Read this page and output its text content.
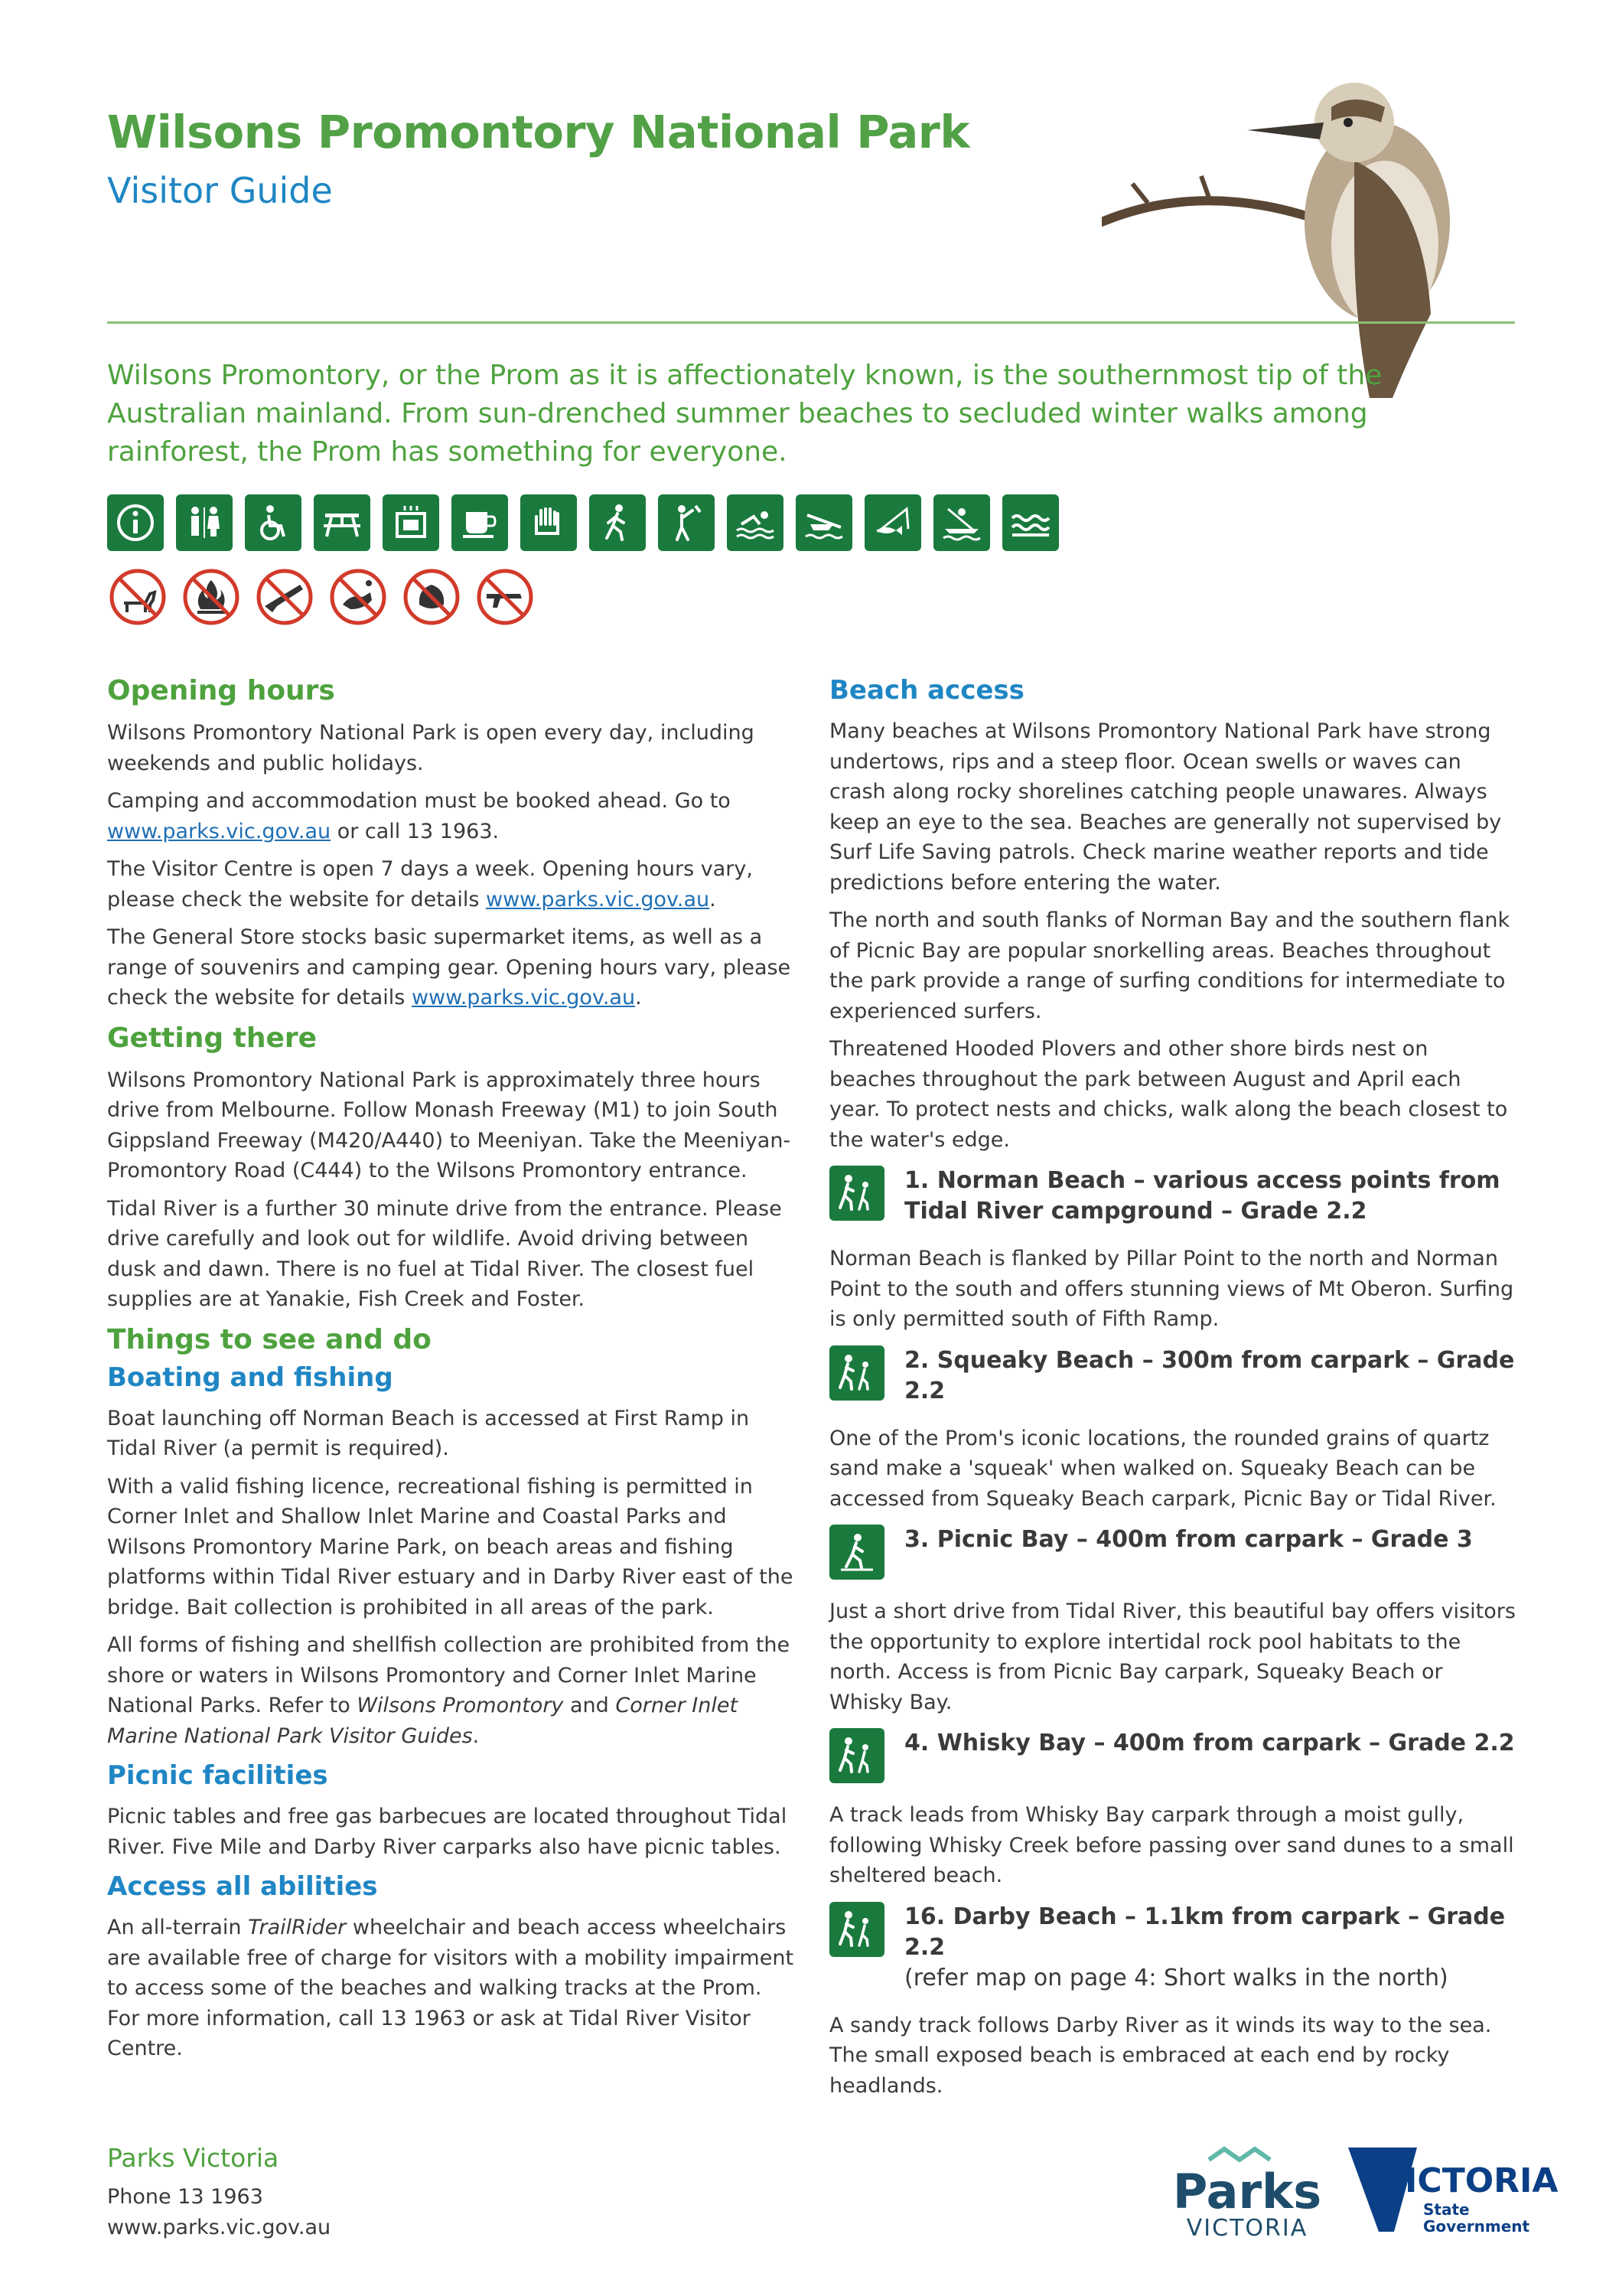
Wilsons Promontory National Park
Visitor Guide
Wilsons Promontory, or the Prom as it is affectionately known, is the southernmost tip of the Australian mainland. From sun-drenched summer beaches to secluded winter walks among rainforest, the Prom has something for everyone.
Opening hours

Wilsons Promontory National Park is open every day, including weekends and public holidays.

Camping and accommodation must be booked ahead. Go to www.parks.vic.gov.au or call 13 1963.

The Visitor Centre is open 7 days a week. Opening hours vary, please check the website for details www.parks.vic.gov.au.

The General Store stocks basic supermarket items, as well as a range of souvenirs and camping gear. Opening hours vary, please check the website for details www.parks.vic.gov.au.

Getting there

Wilsons Promontory National Park is approximately three hours drive from Melbourne. Follow Monash Freeway (M1) to join South Gippsland Freeway (M420/A440) to Meeniyan. Take the Meeniyan-Promontory Road (C444) to the Wilsons Promontory entrance.

Tidal River is a further 30 minute drive from the entrance. Please drive carefully and look out for wildlife. Avoid driving between dusk and dawn. There is no fuel at Tidal River. The closest fuel supplies are at Yanakie, Fish Creek and Foster.

Things to see and do
Boating and fishing

Boat launching off Norman Beach is accessed at First Ramp in Tidal River (a permit is required).

With a valid fishing licence, recreational fishing is permitted in Corner Inlet and Shallow Inlet Marine and Coastal Parks and Wilsons Promontory Marine Park, on beach areas and fishing platforms within Tidal River estuary and in Darby River east of the bridge. Bait collection is prohibited in all areas of the park.

All forms of fishing and shellfish collection are prohibited from the shore or waters in Wilsons Promontory and Corner Inlet Marine National Parks. Refer to Wilsons Promontory and Corner Inlet Marine National Park Visitor Guides.

Picnic facilities

Picnic tables and free gas barbecues are located throughout Tidal River. Five Mile and Darby River carparks also have picnic tables.

Access all abilities

An all-terrain TrailRider wheelchair and beach access wheelchairs are available free of charge for visitors with a mobility impairment to access some of the beaches and walking tracks at the Prom. For more information, call 13 1963 or ask at Tidal River Visitor Centre.

Beach access

Many beaches at Wilsons Promontory National Park have strong undertows, rips and a steep floor. Ocean swells or waves can crash along rocky shorelines catching people unawares. Always keep an eye to the sea. Beaches are generally not supervised by Surf Life Saving patrols. Check marine weather reports and tide predictions before entering the water.

The north and south flanks of Norman Bay and the southern flank of Picnic Bay are popular snorkelling areas. Beaches throughout the park provide a range of surfing conditions for intermediate to experienced surfers.

Threatened Hooded Plovers and other shore birds nest on beaches throughout the park between August and April each year. To protect nests and chicks, walk along the beach closest to the water's edge.

1. Norman Beach – various access points from Tidal River campground – Grade 2.2

Norman Beach is flanked by Pillar Point to the north and Norman Point to the south and offers stunning views of Mt Oberon. Surfing is only permitted south of Fifth Ramp.

2. Squeaky Beach – 300m from carpark – Grade 2.2

One of the Prom's iconic locations, the rounded grains of quartz sand make a 'squeak' when walked on. Squeaky Beach can be accessed from Squeaky Beach carpark, Picnic Bay or Tidal River.

3. Picnic Bay – 400m from carpark – Grade 3

Just a short drive from Tidal River, this beautiful bay offers visitors the opportunity to explore intertidal rock pool habitats to the north. Access is from Picnic Bay carpark, Squeaky Beach or Whisky Bay.

4. Whisky Bay – 400m from carpark – Grade 2.2

A track leads from Whisky Bay carpark through a moist gully, following Whisky Creek before passing over sand dunes to a small sheltered beach.

16. Darby Beach – 1.1km from carpark – Grade 2.2
(refer map on page 4: Short walks in the north)

A sandy track follows Darby River as it winds its way to the sea. The small exposed beach is embraced at each end by rocky headlands.

Parks Victoria
Phone 13 1963
www.parks.vic.gov.au
Parks
VICTORIA
VICTORIA
State
Government
